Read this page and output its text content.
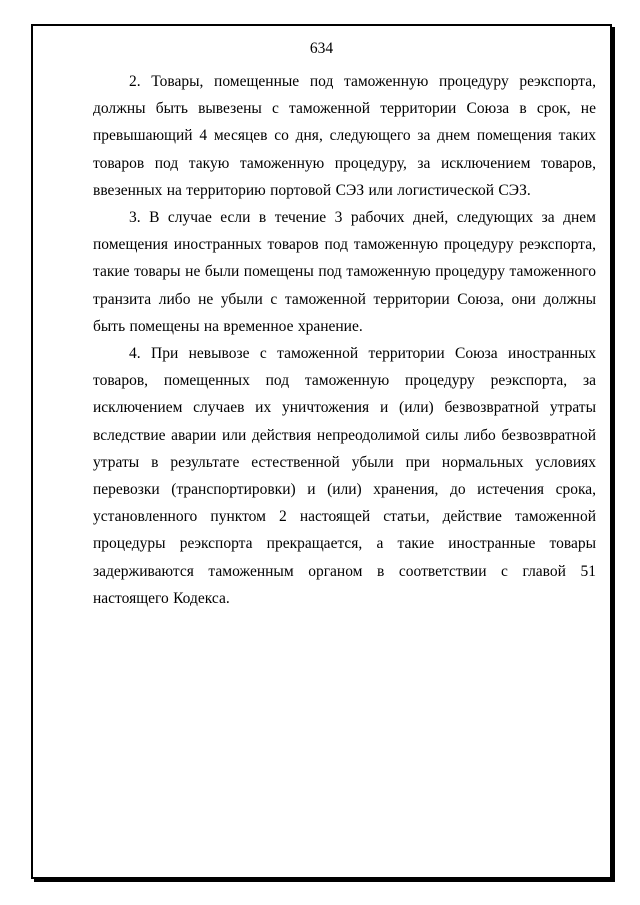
634

2. Товары, помещенные под таможенную процедуру реэкспорта, должны быть вывезены с таможенной территории Союза в срок, не превышающий 4 месяцев со дня, следующего за днем помещения таких товаров под такую таможенную процедуру, за исключением товаров, ввезенных на территорию портовой СЭЗ или логистической СЭЗ.

3. В случае если в течение 3 рабочих дней, следующих за днем помещения иностранных товаров под таможенную процедуру реэкспорта, такие товары не были помещены под таможенную процедуру таможенного транзита либо не убыли с таможенной территории Союза, они должны быть помещены на временное хранение.

4. При невывозе с таможенной территории Союза иностранных товаров, помещенных под таможенную процедуру реэкспорта, за исключением случаев их уничтожения и (или) безвозвратной утраты вследствие аварии или действия непреодолимой силы либо безвозвратной утраты в результате естественной убыли при нормальных условиях перевозки (транспортировки) и (или) хранения, до истечения срока, установленного пунктом 2 настоящей статьи, действие таможенной процедуры реэкспорта прекращается, а такие иностранные товары задерживаются таможенным органом в соответствии с главой 51 настоящего Кодекса.
